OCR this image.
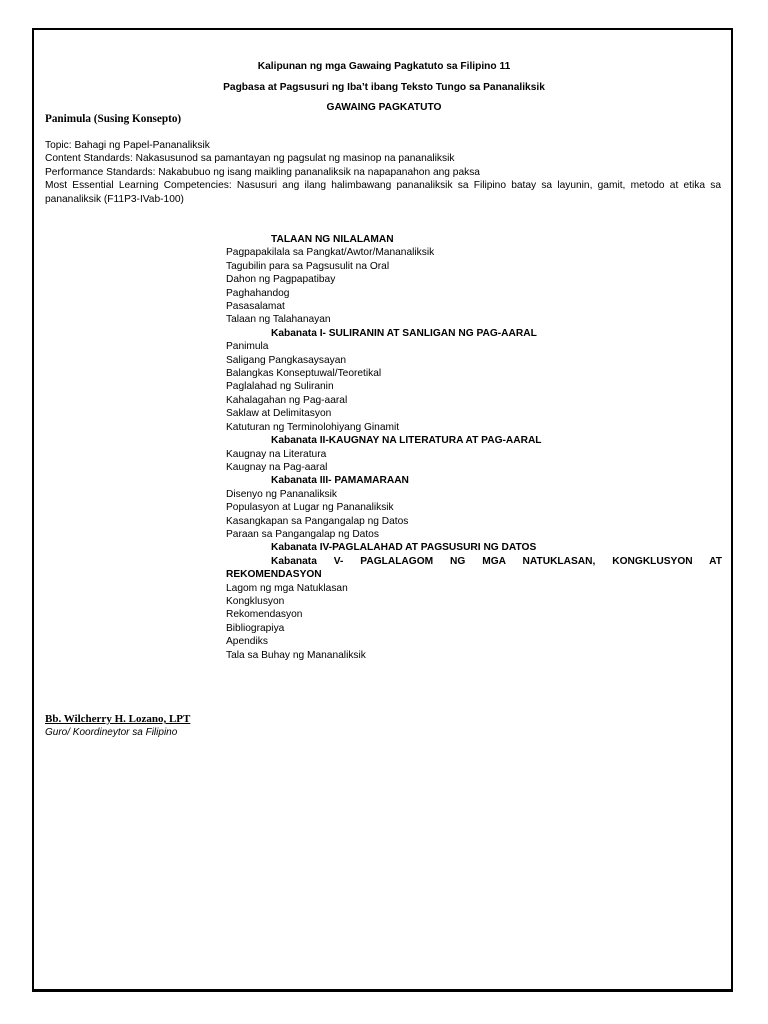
Kalipunan ng mga Gawaing Pagkatuto sa Filipino 11
Pagbasa at Pagsusuri ng Iba’t ibang Teksto Tungo sa Pananaliksik
GAWAING PAGKATUTO
Panimula (Susing Konsepto)
Topic: Bahagi ng Papel-Pananaliksik
Content Standards: Nakasusunod sa pamantayan ng pagsulat ng masinop na pananaliksik
Performance Standards: Nakabubuo ng isang maikling pananaliksik na napapanahon ang paksa
Most Essential Learning Competencies: Nasusuri ang ilang halimbawang pananaliksik sa Filipino batay sa layunin, gamit, metodo at etika sa pananaliksik (F11P3-IVab-100)
TALAAN NG NILALAMAN
Pagpapakilala sa Pangkat/Awtor/Mananaliksik
Tagubilin para sa Pagsusulit na Oral
Dahon ng Pagpapatibay
Paghahandog
Pasasalamat
Talaan ng Talahanayan
Kabanata I- SULIRANIN AT SANLIGAN NG PAG-AARAL
Panimula
Saligang Pangkasaysayan
Balangkas Konseptuwal/Teoretikal
Paglalahad ng Suliranin
Kahalagahan ng Pag-aaral
Saklaw at Delimitasyon
Katuturan ng Terminolohiyang Ginamit
Kabanata II-KAUGNAY NA LITERATURA AT PAG-AARAL
Kaugnay na Literatura
Kaugnay na Pag-aaral
Kabanata III- PAMAMARAAN
Disenyo ng Pananaliksik
Populasyon at Lugar ng Pananaliksik
Kasangkapan sa Pangangalap ng Datos
Paraan sa Pangangalap ng Datos
Kabanata IV-PAGLALAHAD AT PAGSUSURI NG DATOS
Kabanata V- PAGLALAGOM NG MGA NATUKLASAN, KONGKLUSYON AT REKOMENDASYON
Lagom ng mga Natuklasan
Kongklusyon
Rekomendasyon
Bibliograpiya
Apendiks
Tala sa Buhay ng Mananaliksik
Bb. Wilcherry H. Lozano, LPT
Guro/ Koordineytor sa Filipino
